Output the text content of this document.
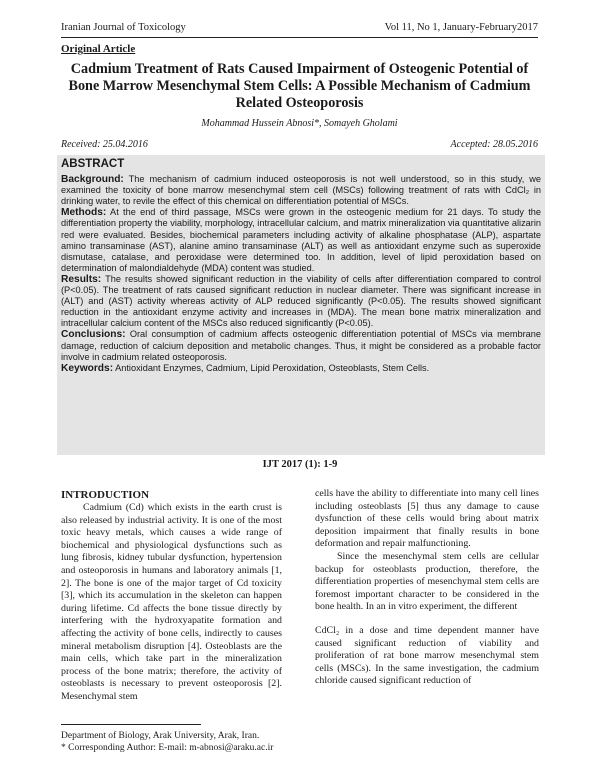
Iranian Journal of Toxicology	Vol 11, No 1, January-February2017
Original Article
Cadmium Treatment of Rats Caused Impairment of Osteogenic Potential of Bone Marrow Mesenchymal Stem Cells: A Possible Mechanism of Cadmium Related Osteoporosis
Mohammad Hussein Abnosi*, Somayeh Gholami
Received: 25.04.2016	Accepted: 28.05.2016
ABSTRACT

Background: The mechanism of cadmium induced osteoporosis is not well understood, so in this study, we examined the toxicity of bone marrow mesenchymal stem cell (MSCs) following treatment of rats with CdCl₂ in drinking water, to revile the effect of this chemical on differentiation potential of MSCs.

Methods: At the end of third passage, MSCs were grown in the osteogenic medium for 21 days. To study the differentiation property the viability, morphology, intracellular calcium, and matrix mineralization via quantitative alizarin red were evaluated. Besides, biochemical parameters including activity of alkaline phosphatase (ALP), aspartate amino transaminase (AST), alanine amino transaminase (ALT) as well as antioxidant enzyme such as superoxide dismutase, catalase, and peroxidase were determined too. In addition, level of lipid peroxidation based on determination of malondialdehyde (MDA) content was studied.

Results: The results showed significant reduction in the viability of cells after differentiation compared to control (P<0.05). The treatment of rats caused significant reduction in nuclear diameter. There was significant increase in (ALT) and (AST) activity whereas activity of ALP reduced significantly (P<0.05). The results showed significant reduction in the antioxidant enzyme activity and increases in (MDA). The mean bone matrix mineralization and intracellular calcium content of the MSCs also reduced significantly (P<0.05).

Conclusions: Oral consumption of cadmium affects osteogenic differentiation potential of MSCs via membrane damage, reduction of calcium deposition and metabolic changes. Thus, it might be considered as a probable factor involve in cadmium related osteoporosis.

Keywords: Antioxidant Enzymes, Cadmium, Lipid Peroxidation, Osteoblasts, Stem Cells.

IJT 2017 (1): 1-9
INTRODUCTION

Cadmium (Cd) which exists in the earth crust is also released by industrial activity. It is one of the most toxic heavy metals, which causes a wide range of biochemical and physiological dysfunctions such as lung fibrosis, kidney tubular dysfunction, hypertension and osteoporosis in humans and laboratory animals [1, 2]. The bone is one of the major target of Cd toxicity [3], which its accumulation in the skeleton can happen during lifetime. Cd affects the bone tissue directly by interfering with the hydroxyapatite formation and affecting the activity of bone cells, indirectly to causes mineral metabolism disruption [4]. Osteoblasts are the main cells, which take part in the mineralization process of the bone matrix; therefore, the activity of osteoblasts is necessary to prevent osteoporosis [2]. Mesenchymal stem

cells have the ability to differentiate into many cell lines including osteoblasts [5] thus any damage to cause dysfunction of these cells would bring about matrix deposition impairment that finally results in bone deformation and repair malfunctioning.

Since the mesenchymal stem cells are cellular backup for osteoblasts production, therefore, the differentiation properties of mesenchymal stem cells are foremost important character to be considered in the bone health. In an in vitro experiment, the different

CdCl₂ in a dose and time dependent manner have caused significant reduction of viability and proliferation of rat bone marrow mesenchymal stem cells (MSCs). In the same investigation, the cadmium chloride caused significant reduction of

Department of Biology, Arak University, Arak, Iran.
* Corresponding Author: E-mail: m-abnosi@araku.ac.ir
